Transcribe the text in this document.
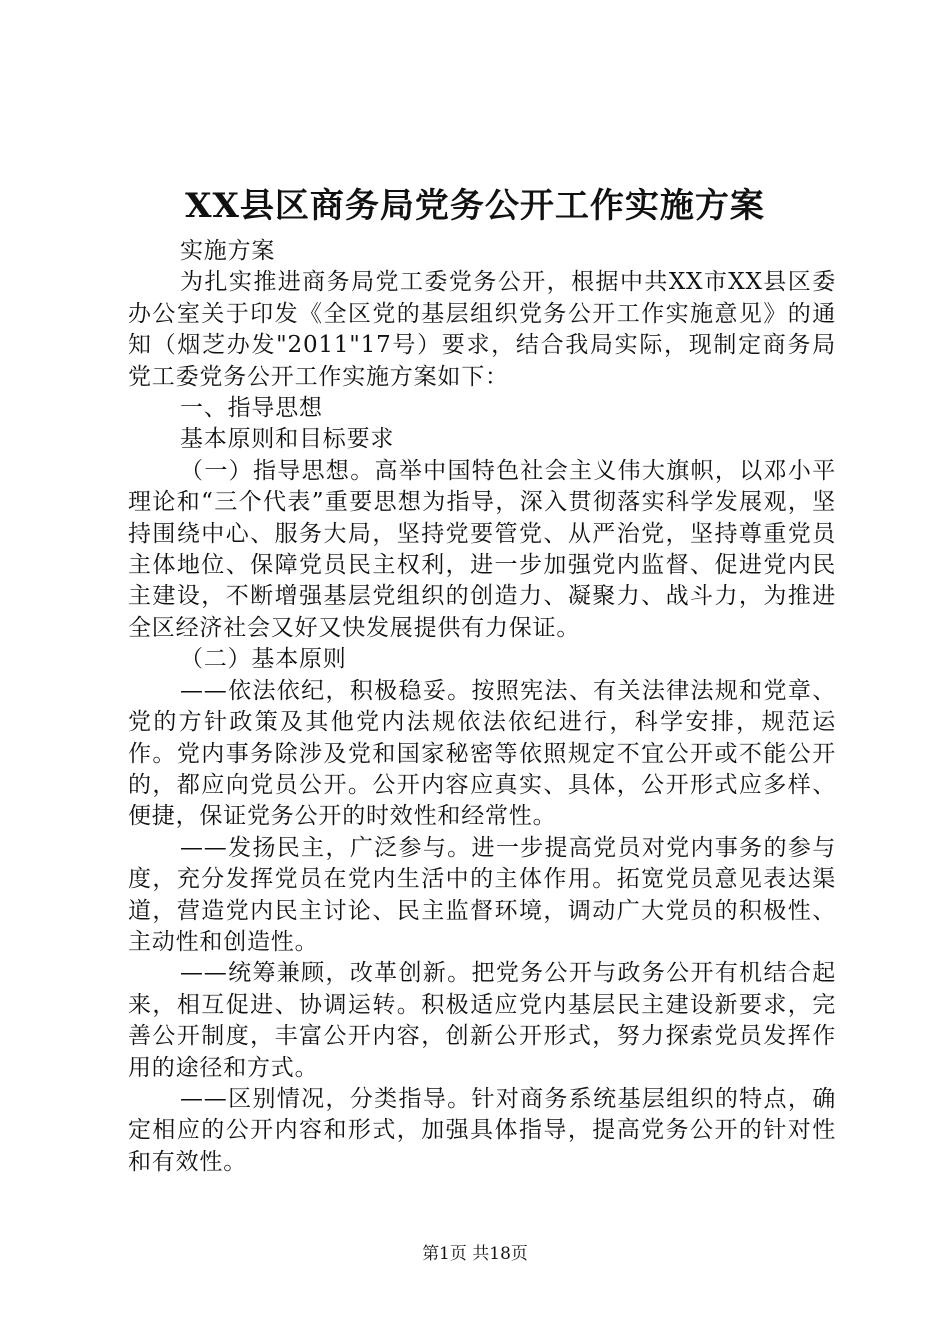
XX县区商务局党务公开工作实施方案

实施方案

为扎实推进商务局党工委党务公开，根据中共XX市XX县区委办公室关于印发《全区党的基层组织党务公开工作实施意见》的通知（烟芝办发"2011"17号）要求，结合我局实际，现制定商务局党工委党务公开工作实施方案如下：

一、指导思想

基本原则和目标要求

（一）指导思想。高举中国特色社会主义伟大旗帜，以邓小平理论和“三个代表”重要思想为指导，深入贯彻落实科学发展观，坚持围绕中心、服务大局，坚持党要管党、从严治党，坚持尊重党员主体地位、保障党员民主权利，进一步加强党内监督、促进党内民主建设，不断增强基层党组织的创造力、凝聚力、战斗力，为推进全区经济社会又好又快发展提供有力保证。

（二）基本原则

——依法依纪，积极稳妥。按照宪法、有关法律法规和党章、党的方针政策及其他党内法规依法依纪进行，科学安排，规范运作。党内事务除涉及党和国家秘密等依照规定不宜公开或不能公开的，都应向党员公开。公开内容应真实、具体，公开形式应多样、便捷，保证党务公开的时效性和经常性。

——发扬民主，广泛参与。进一步提高党员对党内事务的参与度，充分发挥党员在党内生活中的主体作用。拓宽党员意见表达渠道，营造党内民主讨论、民主监督环境，调动广大党员的积极性、主动性和创造性。

——统筹兼顾，改革创新。把党务公开与政务公开有机结合起来，相互促进、协调运转。积极适应党内基层民主建设新要求，完善公开制度，丰富公开内容，创新公开形式，努力探索党员发挥作用的途径和方式。

——区别情况，分类指导。针对商务系统基层组织的特点，确定相应的公开内容和形式，加强具体指导，提高党务公开的针对性和有效性。

第1页 共18页
